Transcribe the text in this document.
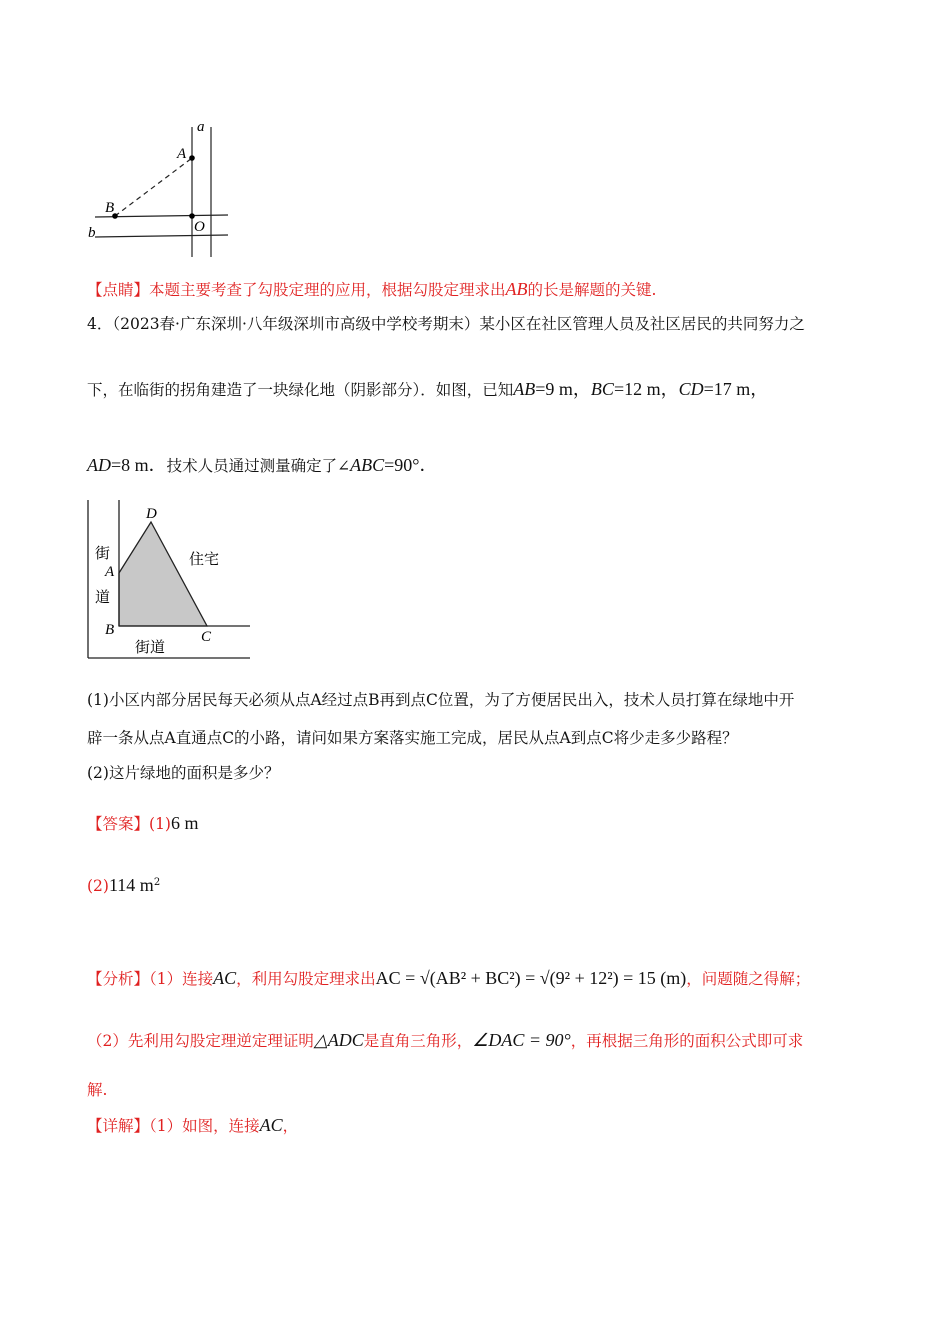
a
A
B
O
b
【点睛】本题主要考查了勾股定理的应用，根据勾股定理求出AB的长是解题的关键.
4．（2023春·广东深圳·八年级深圳市高级中学校考期末）某小区在社区管理人员及社区居民的共同努力之
下，在临街的拐角建造了一块绿化地（阴影部分）．如图，已知AB=9 m，BC=12 m，CD=17 m，
AD=8 m．技术人员通过测量确定了∠ABC=90°．
D
A
B	C
街
道
街道
住宅
(1)小区内部分居民每天必须从点A经过点B再到点C位置，为了方便居民出入，技术人员打算在绿地中开
辟一条从点A直通点C的小路，请问如果方案落实施工完成，居民从点A到点C将少走多少路程？
(2)这片绿地的面积是多少？
【答案】(1)6 m
(2)114 $m^2$
【分析】（1）连接AC，利用勾股定理求出AC = √(AB² + BC²) = √(9² + 12²) = 15 (m)，问题随之得解；
（2）先利用勾股定理逆定理证明△ADC是直角三角形，∠DAC = 90°，再根据三角形的面积公式即可求
解.
【详解】（1）如图，连接AC，
